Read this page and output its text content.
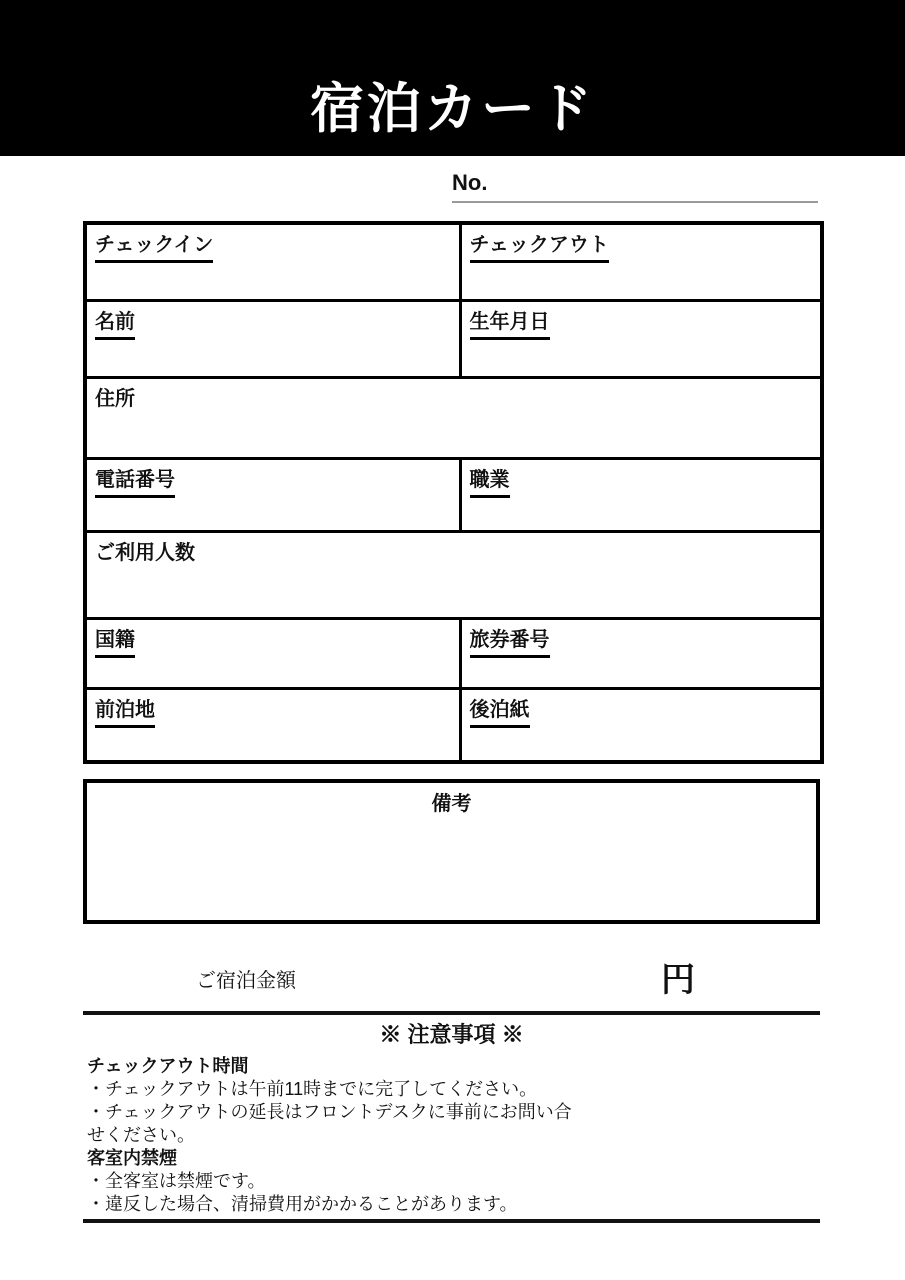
宿泊カード
No.
チェックイン	チェックアウト
名前	生年月日
住所	
電話番号	職業
ご利用人数	
国籍	旅券番号
前泊地	後泊紙
備考
ご宿泊金額	円
※ 注意事項 ※
チェックアウト時間
・チェックアウトは午前11時までに完了してください。
・チェックアウトの延長はフロントデスクに事前にお問い合
せください。
客室内禁煙
・全客室は禁煙です。
・違反した場合、清掃費用がかかることがあります。
